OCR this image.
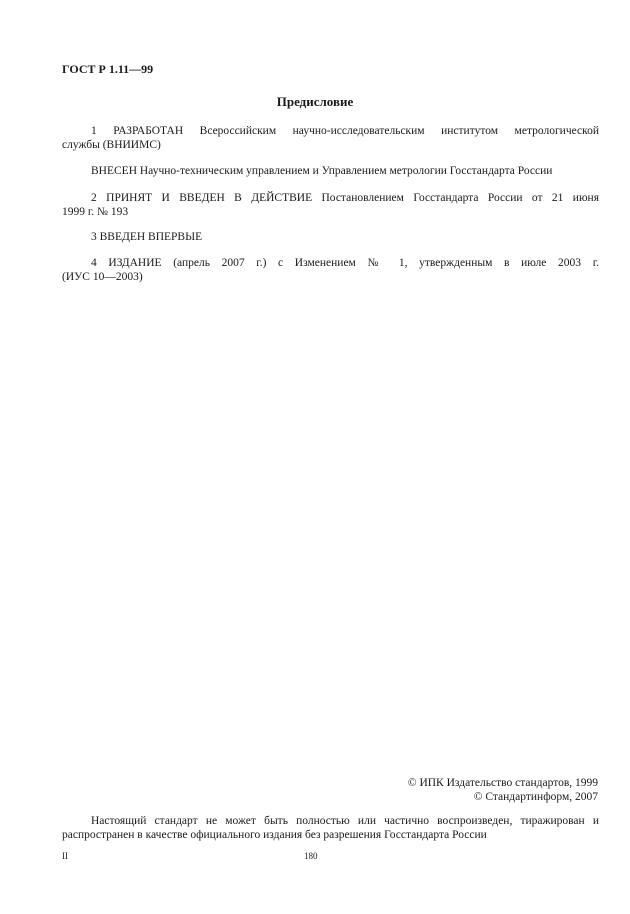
ГОСТ Р 1.11—99
Предисловие
1 РАЗРАБОТАН Всероссийским научно-исследовательским институтом метрологической
службы (ВНИИМС)
ВНЕСЕН Научно-техническим управлением и Управлением метрологии Госстандарта России
2 ПРИНЯТ И ВВЕДЕН В ДЕЙСТВИЕ Постановлением Госстандарта России от 21 июня
1999 г. № 193
3 ВВЕДЕН ВПЕРВЫЕ
4 ИЗДАНИЕ (апрель 2007 г.) с Изменением № 1, утвержденным в июле 2003 г.
(ИУС 10—2003)
© ИПК Издательство стандартов, 1999
© Стандартинформ, 2007
Настоящий стандарт не может быть полностью или частично воспроизведен, тиражирован и
распространен в качестве официального издания без разрешения Госстандарта России
II	180
